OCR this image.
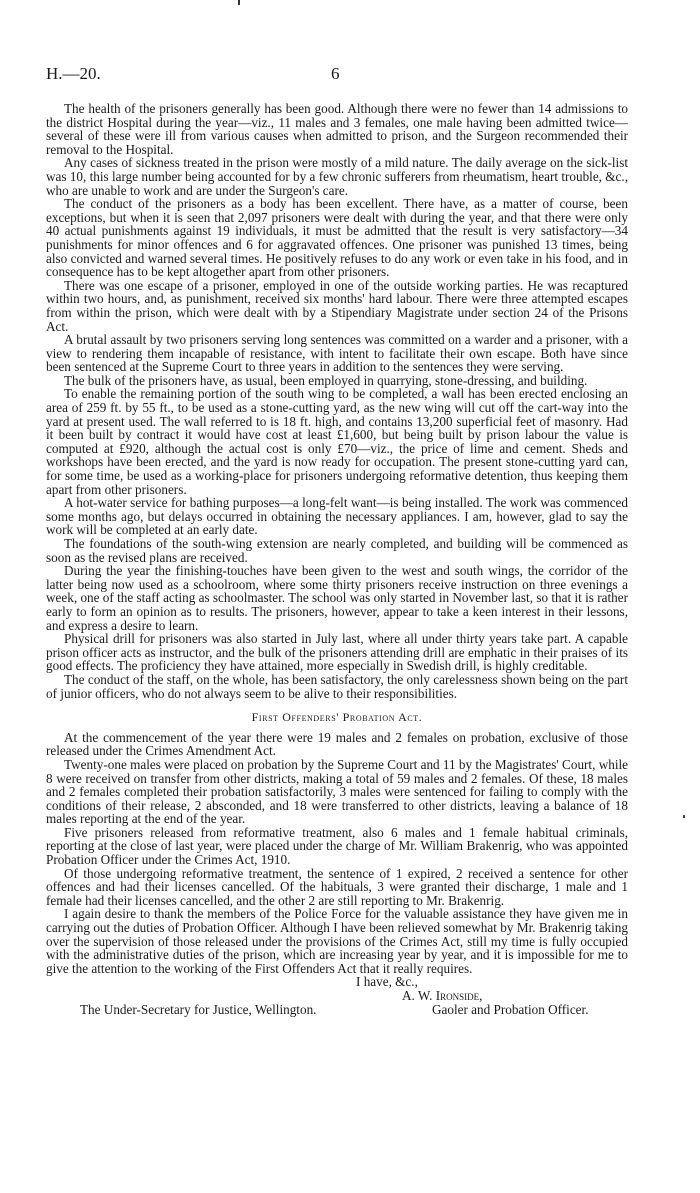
H.—20.	6

The health of the prisoners generally has been good. Although there were no fewer than 14 admissions to the district Hospital during the year—viz., 11 males and 3 females, one male having been admitted twice—several of these were ill from various causes when admitted to prison, and the Surgeon recommended their removal to the Hospital.

Any cases of sickness treated in the prison were mostly of a mild nature. The daily average on the sick-list was 10, this large number being accounted for by a few chronic sufferers from rheumatism, heart trouble, &c., who are unable to work and are under the Surgeon's care.

The conduct of the prisoners as a body has been excellent. There have, as a matter of course, been exceptions, but when it is seen that 2,097 prisoners were dealt with during the year, and that there were only 40 actual punishments against 19 individuals, it must be admitted that the result is very satisfactory—34 punishments for minor offences and 6 for aggravated offences. One prisoner was punished 13 times, being also convicted and warned several times. He positively refuses to do any work or even take in his food, and in consequence has to be kept altogether apart from other prisoners.

There was one escape of a prisoner, employed in one of the outside working parties. He was recaptured within two hours, and, as punishment, received six months' hard labour. There were three attempted escapes from within the prison, which were dealt with by a Stipendiary Magistrate under section 24 of the Prisons Act.

A brutal assault by two prisoners serving long sentences was committed on a warder and a prisoner, with a view to rendering them incapable of resistance, with intent to facilitate their own escape. Both have since been sentenced at the Supreme Court to three years in addition to the sentences they were serving.

The bulk of the prisoners have, as usual, been employed in quarrying, stone-dressing, and building.

To enable the remaining portion of the south wing to be completed, a wall has been erected enclosing an area of 259 ft. by 55 ft., to be used as a stone-cutting yard, as the new wing will cut off the cart-way into the yard at present used. The wall referred to is 18 ft. high, and contains 13,200 superficial feet of masonry. Had it been built by contract it would have cost at least £1,600, but being built by prison labour the value is computed at £920, although the actual cost is only £70—viz., the price of lime and cement. Sheds and workshops have been erected, and the yard is now ready for occupation. The present stone-cutting yard can, for some time, be used as a working-place for prisoners undergoing reformative detention, thus keeping them apart from other prisoners.

A hot-water service for bathing purposes—a long-felt want—is being installed. The work was commenced some months ago, but delays occurred in obtaining the necessary appliances. I am, however, glad to say the work will be completed at an early date.

The foundations of the south-wing extension are nearly completed, and building will be commenced as soon as the revised plans are received.

During the year the finishing-touches have been given to the west and south wings, the corridor of the latter being now used as a schoolroom, where some thirty prisoners receive instruction on three evenings a week, one of the staff acting as schoolmaster. The school was only started in November last, so that it is rather early to form an opinion as to results. The prisoners, however, appear to take a keen interest in their lessons, and express a desire to learn.

Physical drill for prisoners was also started in July last, where all under thirty years take part. A capable prison officer acts as instructor, and the bulk of the prisoners attending drill are emphatic in their praises of its good effects. The proficiency they have attained, more especially in Swedish drill, is highly creditable.

The conduct of the staff, on the whole, has been satisfactory, the only carelessness shown being on the part of junior officers, who do not always seem to be alive to their responsibilities.

First Offenders' Probation Act.

At the commencement of the year there were 19 males and 2 females on probation, exclusive of those released under the Crimes Amendment Act.

Twenty-one males were placed on probation by the Supreme Court and 11 by the Magistrates' Court, while 8 were received on transfer from other districts, making a total of 59 males and 2 females. Of these, 18 males and 2 females completed their probation satisfactorily, 3 males were sentenced for failing to comply with the conditions of their release, 2 absconded, and 18 were transferred to other districts, leaving a balance of 18 males reporting at the end of the year.

Five prisoners released from reformative treatment, also 6 males and 1 female habitual criminals, reporting at the close of last year, were placed under the charge of Mr. William Brakenrig, who was appointed Probation Officer under the Crimes Act, 1910.

Of those undergoing reformative treatment, the sentence of 1 expired, 2 received a sentence for other offences and had their licenses cancelled. Of the habituals, 3 were granted their discharge, 1 male and 1 female had their licenses cancelled, and the other 2 are still reporting to Mr. Brakenrig.

I again desire to thank the members of the Police Force for the valuable assistance they have given me in carrying out the duties of Probation Officer. Although I have been relieved somewhat by Mr. Brakenrig taking over the supervision of those released under the provisions of the Crimes Act, still my time is fully occupied with the administrative duties of the prison, which are increasing year by year, and it is impossible for me to give the attention to the working of the First Offenders Act that it really requires.

I have, &c.,
A. W. Ironside,
The Under-Secretary for Justice, Wellington.	Gaoler and Probation Officer.
